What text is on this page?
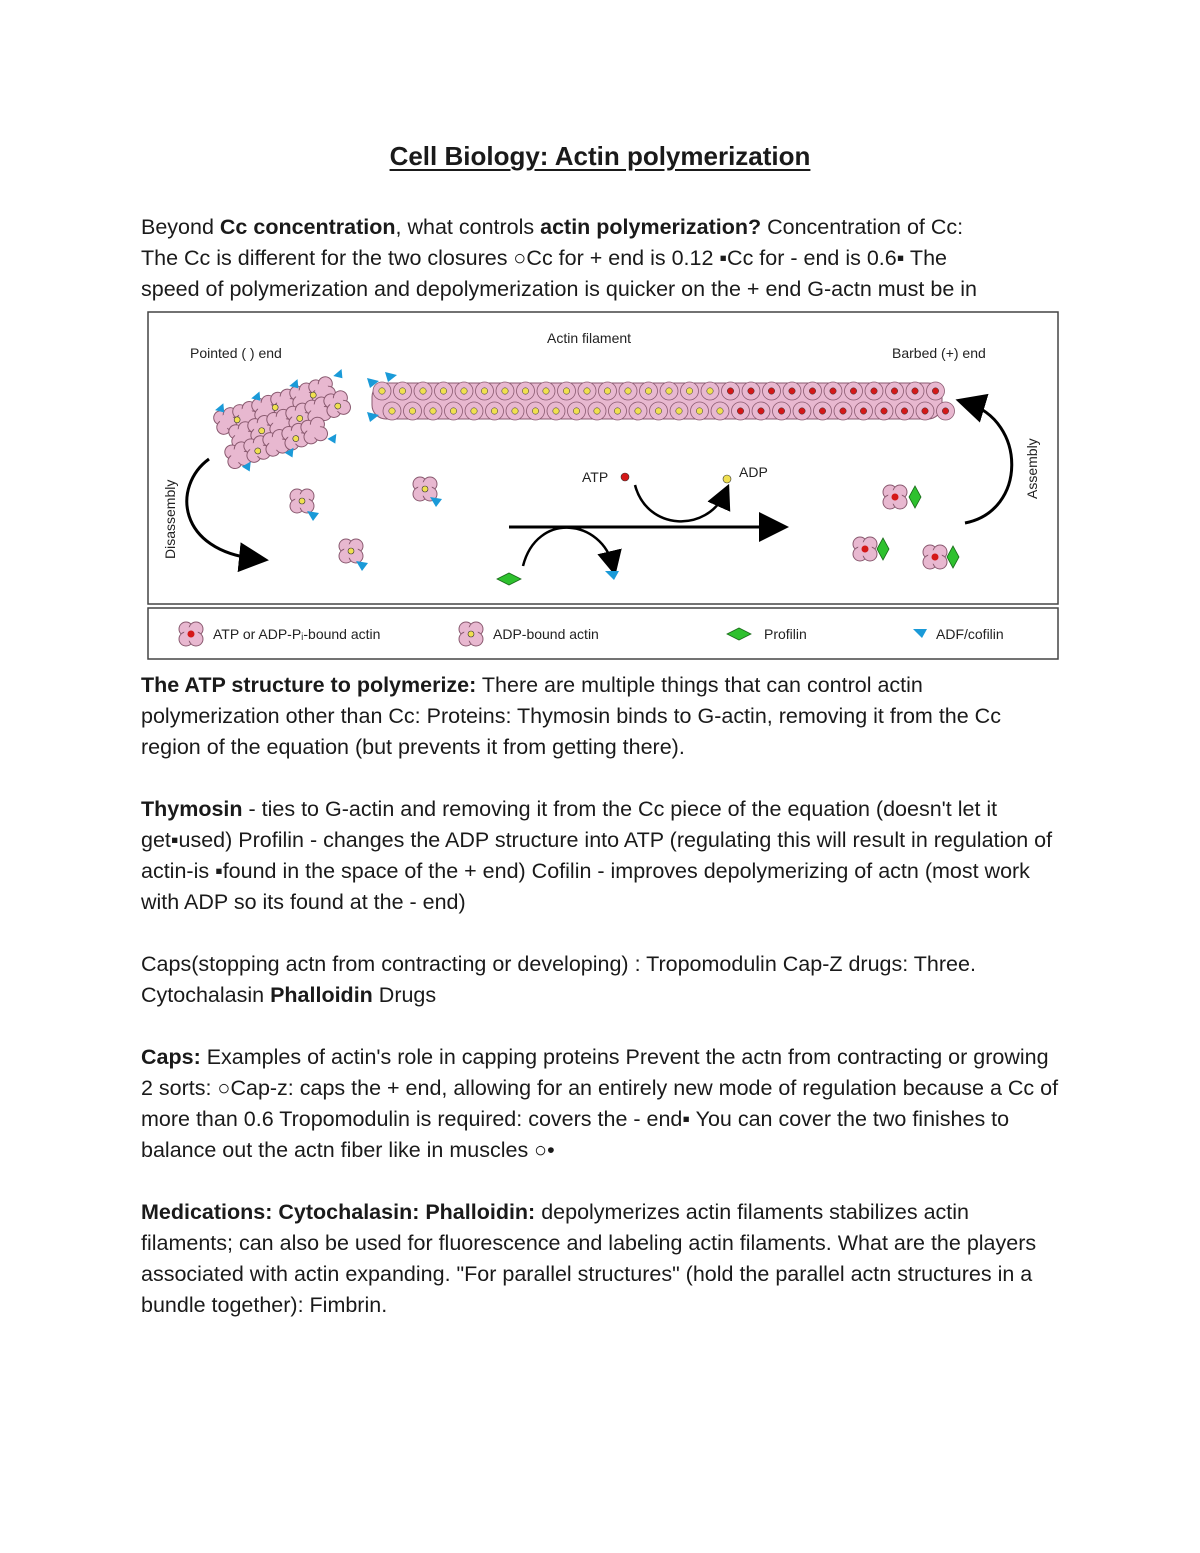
Cell Biology: Actin polymerization

Beyond Cc concentration, what controls actin polymerization? Concentration of Cc:
The Cc is different for the two closures ○Cc for + end is 0.12 ▪Cc for - end is 0.6▪ The
speed of polymerization and depolymerization is quicker on the + end G-actn must be in

Pointed ( ) end
Actin filament
Barbed (+) end
Disassembly
Assembly
ATP	ADP
ATP or ADP-Pᵢ-bound actin	ADP-bound actin	Profilin	ADF/cofilin

The ATP structure to polymerize: There are multiple things that can control actin polymerization other than Cc: Proteins: Thymosin binds to G-actin, removing it from the Cc region of the equation (but prevents it from getting there).

Thymosin - ties to G-actin and removing it from the Cc piece of the equation (doesn't let it get▪used) Profilin - changes the ADP structure into ATP (regulating this will result in regulation of actin-is ▪found in the space of the + end) Cofilin - improves depolymerizing of actn (most work with ADP so its found at the - end)

Caps(stopping actn from contracting or developing) : Tropomodulin Cap-Z drugs: Three. Cytochalasin Phalloidin Drugs

Caps: Examples of actin's role in capping proteins Prevent the actn from contracting or growing 2 sorts: ○Cap-z: caps the + end, allowing for an entirely new mode of regulation because a Cc of more than 0.6 Tropomodulin is required: covers the - end▪ You can cover the two finishes to balance out the actn fiber like in muscles ○•

Medications: Cytochalasin: Phalloidin: depolymerizes actin filaments stabilizes actin filaments; can also be used for fluorescence and labeling actin filaments. What are the players associated with actin expanding. "For parallel structures" (hold the parallel actn structures in a bundle together): Fimbrin.
